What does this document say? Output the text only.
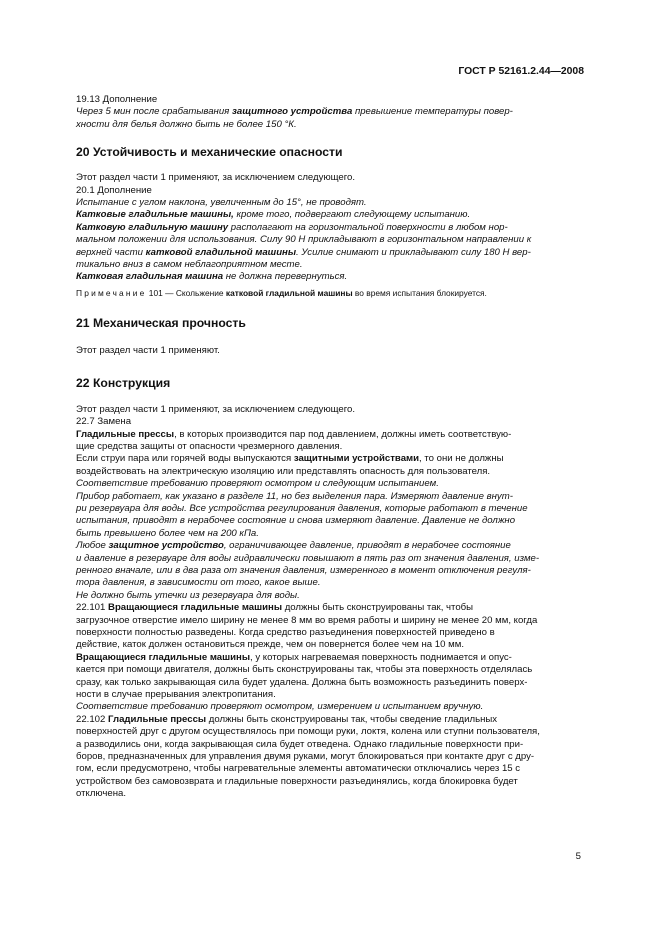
ГОСТ Р 52161.2.44—2008

19.13 Дополнение

Через 5 мин после срабатывания защитного устройства превышение температуры повер-
хности для белья должно быть не более 150 °К.

20 Устойчивость и механические опасности

Этот раздел части 1 применяют, за исключением следующего.

20.1 Дополнение

Испытание с углом наклона, увеличенным до 15°, не проводят.

Катковые гладильные машины, кроме того, подвергают следующему испытанию.

Катковую гладильную машину располагают на горизонтальной поверхности в любом нор-
мальном положении для использования. Силу 90 Н прикладывают в горизонтальном направлении к
верхней части катковой гладильной машины. Усилие снимают и прикладывают силу 180 Н вер-
тикально вниз в самом неблагоприятном месте.

Катковая гладильная машина не должна перевернуться.

Примечание 101 — Скольжение катковой гладильной машины во время испытания блокируется.

21 Механическая прочность

Этот раздел части 1 применяют.

22 Конструкция

Этот раздел части 1 применяют, за исключением следующего.

22.7 Замена

Гладильные прессы, в которых производится пар под давлением, должны иметь соответствую-
щие средства защиты от опасности чрезмерного давления.

Если струи пара или горячей воды выпускаются защитными устройствами, то они не должны
воздействовать на электрическую изоляцию или представлять опасность для пользователя.

Соответствие требованию проверяют осмотром и следующим испытанием.

Прибор работает, как указано в разделе 11, но без выделения пара. Измеряют давление внут-
ри резервуара для воды. Все устройства регулирования давления, которые работают в течение
испытания, приводят в нерабочее состояние и снова измеряют давление. Давление не должно
быть превышено более чем на 200 кПа.

Любое защитное устройство, ограничивающее давление, приводят в нерабочее состояние
и давление в резервуаре для воды гидравлически повышают в пять раз от значения давления, изме-
ренного вначале, или в два раза от значения давления, измеренного в момент отключения регуля-
тора давления, в зависимости от того, какое выше.

Не должно быть утечки из резервуара для воды.

22.101 Вращающиеся гладильные машины должны быть сконструированы так, чтобы
загрузочное отверстие имело ширину не менее 8 мм во время работы и ширину не менее 20 мм, когда
поверхности полностью разведены. Когда средство разъединения поверхностей приведено в
действие, каток должен остановиться прежде, чем он повернется более чем на 10 мм.

Вращающиеся гладильные машины, у которых нагреваемая поверхность поднимается и опус-
кается при помощи двигателя, должны быть сконструированы так, чтобы эта поверхность отделялась
сразу, как только закрывающая сила будет удалена. Должна быть возможность разъединить поверх-
ности в случае прерывания электропитания.

Соответствие требованию проверяют осмотром, измерением и испытанием вручную.

22.102 Гладильные прессы должны быть сконструированы так, чтобы сведение гладильных
поверхностей друг с другом осуществлялось при помощи руки, локтя, колена или ступни пользователя,
а разводились они, когда закрывающая сила будет отведена. Однако гладильные поверхности при-
боров, предназначенных для управления двумя руками, могут блокироваться при контакте друг с дру-
гом, если предусмотрено, чтобы нагревательные элементы автоматически отключались через 15 с
устройством без самовозврата и гладильные поверхности разъединялись, когда блокировка будет
отключена.

5
